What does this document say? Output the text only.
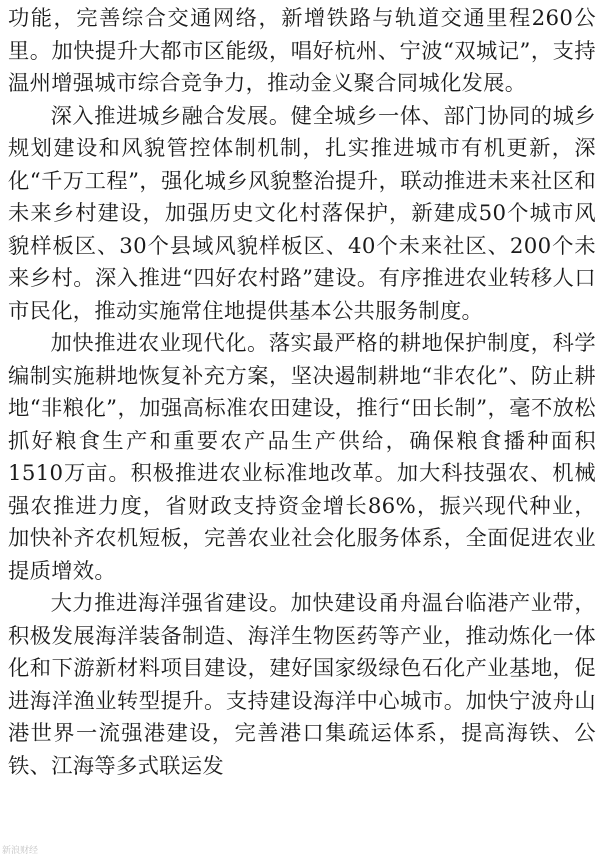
功能，完善综合交通网络，新增铁路与轨道交通里程260公里。加快提升大都市区能级，唱好杭州、宁波“双城记”，支持温州增强城市综合竞争力，推动金义聚合同城化发展。

深入推进城乡融合发展。健全城乡一体、部门协同的城乡规划建设和风貌管控体制机制，扎实推进城市有机更新，深化“千万工程”，强化城乡风貌整治提升，联动推进未来社区和未来乡村建设，加强历史文化村落保护，新建成50个城市风貌样板区、30个县域风貌样板区、40个未来社区、200个未来乡村。深入推进“四好农村路”建设。有序推进农业转移人口市民化，推动实施常住地提供基本公共服务制度。

加快推进农业现代化。落实最严格的耕地保护制度，科学编制实施耕地恢复补充方案，坚决遏制耕地“非农化”、防止耕地“非粮化”，加强高标准农田建设，推行“田长制”，毫不放松抓好粮食生产和重要农产品生产供给，确保粮食播种面积1510万亩。积极推进农业标准地改革。加大科技强农、机械强农推进力度，省财政支持资金增长86%，振兴现代种业，加快补齐农机短板，完善农业社会化服务体系，全面促进农业提质增效。

大力推进海洋强省建设。加快建设甬舟温台临港产业带，积极发展海洋装备制造、海洋生物医药等产业，推动炼化一体化和下游新材料项目建设，建好国家级绿色石化产业基地，促进海洋渔业转型提升。支持建设海洋中心城市。加快宁波舟山港世界一流强港建设，完善港口集疏运体系，提高海铁、公铁、江海等多式联运发

新浪财经
